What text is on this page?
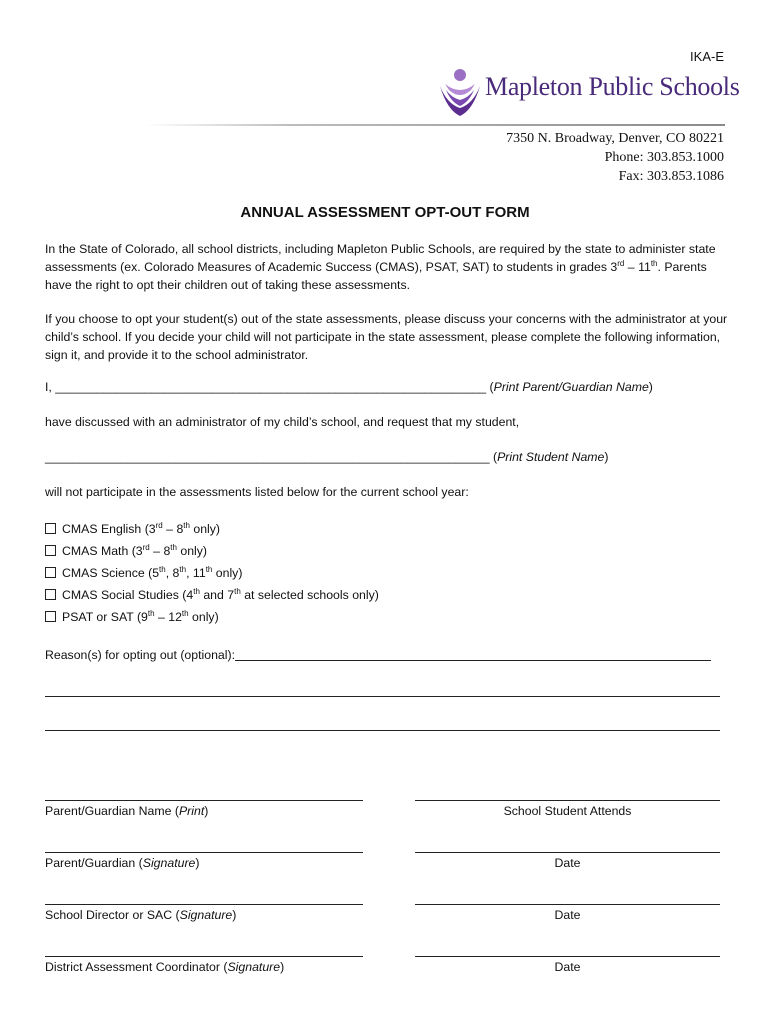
IKA-E
Mapleton Public Schools
7350 N. Broadway, Denver, CO 80221
Phone: 303.853.1000
Fax: 303.853.1086
ANNUAL ASSESSMENT OPT-OUT FORM
In the State of Colorado, all school districts, including Mapleton Public Schools, are required by the state to administer state assessments (ex. Colorado Measures of Academic Success (CMAS), PSAT, SAT) to students in grades 3rd – 11th. Parents have the right to opt their children out of taking these assessments.
If you choose to opt your student(s) out of the state assessments, please discuss your concerns with the administrator at your child’s school. If you decide your child will not participate in the state assessment, please complete the following information, sign it, and provide it to the school administrator.
I, _______________________________________________________________ (Print Parent/Guardian Name)
have discussed with an administrator of my child’s school, and request that my student,
_________________________________________________________________ (Print Student Name)
will not participate in the assessments listed below for the current school year:
CMAS English (3rd – 8th only)
CMAS Math (3rd – 8th only)
CMAS Science (5th, 8th, 11th only)
CMAS Social Studies (4th and 7th at selected schools only)
PSAT or SAT (9th – 12th only)
Reason(s) for opting out (optional):
Parent/Guardian Name (Print)	School Student Attends
Parent/Guardian (Signature)	Date
School Director or SAC (Signature)	Date
District Assessment Coordinator (Signature)	Date
